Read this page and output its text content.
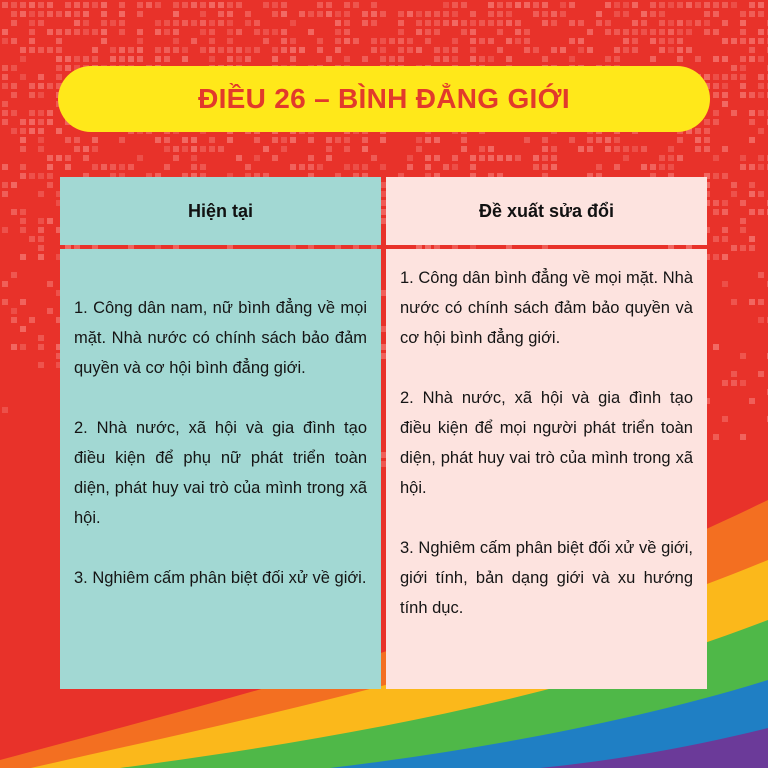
ĐIỀU 26 – BÌNH ĐẲNG GIỚI
Hiện tại

1. Công dân nam, nữ bình đẳng về mọi mặt. Nhà nước có chính sách bảo đảm quyền và cơ hội bình đẳng giới.

2. Nhà nước, xã hội và gia đình tạo điều kiện để phụ nữ phát triển toàn diện, phát huy vai trò của mình trong xã hội.

3. Nghiêm cấm phân biệt đối xử về giới.

Đề xuất sửa đổi

1. Công dân bình đẳng về mọi mặt. Nhà nước có chính sách đảm bảo quyền và cơ hội bình đẳng giới.

2. Nhà nước, xã hội và gia đình tạo điều kiện để mọi người phát triển toàn diện, phát huy vai trò của mình trong xã hội.

3. Nghiêm cấm phân biệt đối xử về giới, giới tính, bản dạng giới và xu hướng tính dục.
